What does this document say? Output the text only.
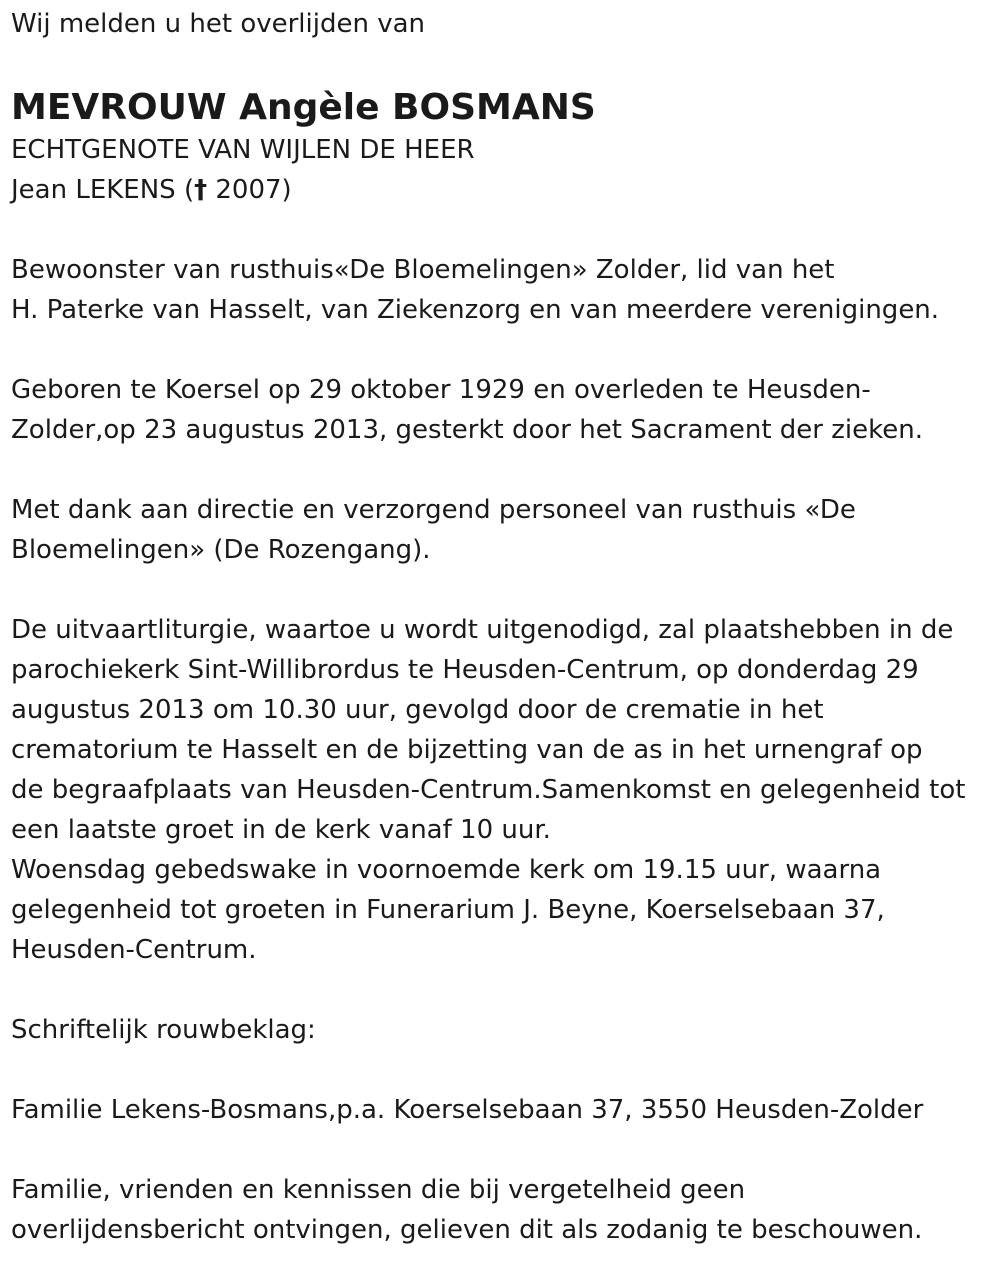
Wij melden u het overlijden van
MEVROUW Angèle BOSMANS
ECHTGENOTE VAN WIJLEN DE HEER
Jean LEKENS († 2007)
Bewoonster van rusthuis«De Bloemelingen» Zolder, lid van het
H. Paterke van Hasselt, van Ziekenzorg en van meerdere verenigingen.
Geboren te Koersel op 29 oktober 1929 en overleden te Heusden-
Zolder,op 23 augustus 2013, gesterkt door het Sacrament der zieken.
Met dank aan directie en verzorgend personeel van rusthuis «De
Bloemelingen» (De Rozengang).
De uitvaartliturgie, waartoe u wordt uitgenodigd, zal plaatshebben in de
parochiekerk Sint-Willibrordus te Heusden-Centrum, op donderdag 29
augustus 2013 om 10.30 uur, gevolgd door de crematie in het
crematorium te Hasselt en de bijzetting van de as in het urnengraf op
de begraafplaats van Heusden-Centrum.Samenkomst en gelegenheid tot
een laatste groet in de kerk vanaf 10 uur.
Woensdag gebedswake in voornoemde kerk om 19.15 uur, waarna
gelegenheid tot groeten in Funerarium J. Beyne, Koerselsebaan 37,
Heusden-Centrum.
Schriftelijk rouwbeklag:
Familie Lekens-Bosmans,p.a. Koerselsebaan 37, 3550 Heusden-Zolder
Familie, vrienden en kennissen die bij vergetelheid geen
overlijdensbericht ontvingen, gelieven dit als zodanig te beschouwen.
